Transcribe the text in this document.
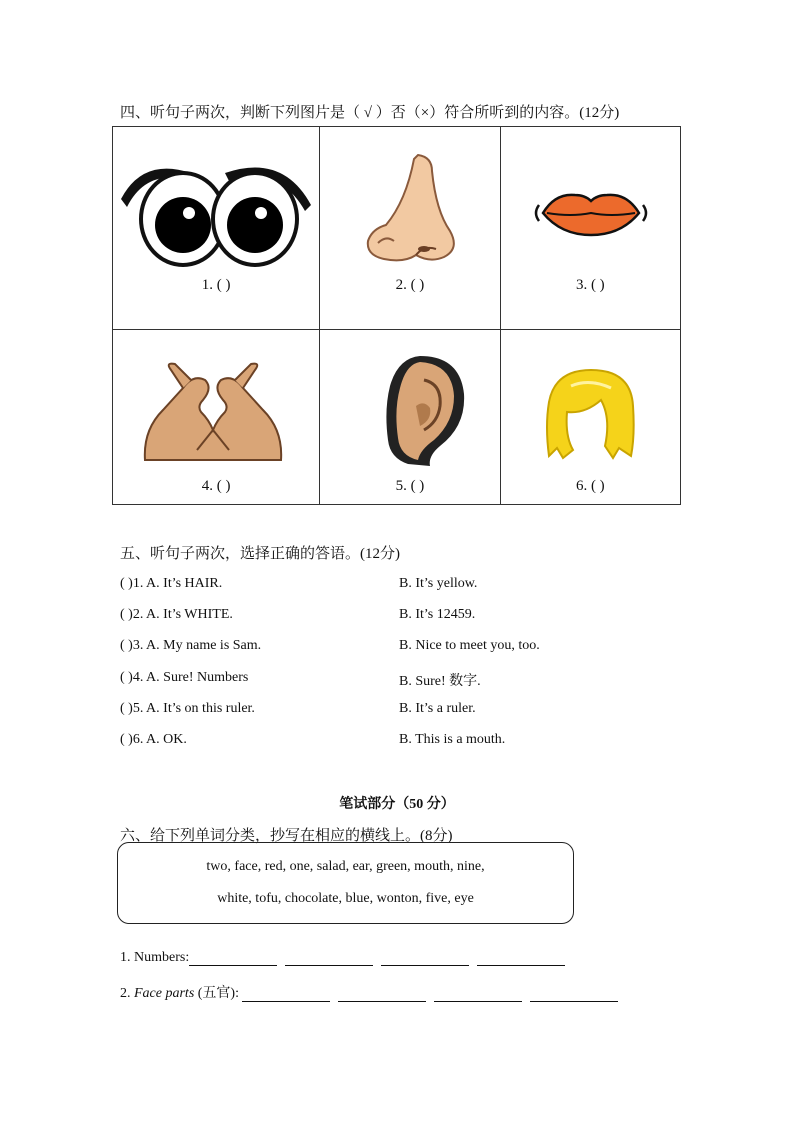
四、听句子两次，判断下列图片是（ √ ）否（×）符合所听到的内容。(12分)
1. ( )	2. ( )	3. ( )

4. ( )	5. ( )	6. ( )
五、听句子两次，选择正确的答语。(12分)
( )1. A. It’s HAIR.	B. It’s yellow.
( )2. A. It’s WHITE.	B. It’s 12459.
( )3. A. My name is Sam.	B. Nice to meet you, too.
( )4. A. Sure! Numbers	B. Sure! 数字.
( )5. A. It’s on this ruler.	B. It’s a ruler.
( )6. A. OK.	B. This is a mouth.
笔试部分（50 分）
六、给下列单词分类，抄写在相应的横线上。(8分)
two, face, red, one, salad, ear, green, mouth, nine,
white, tofu, chocolate, blue, wonton, five, eye
1. Numbers:
2. Face parts (五官):
